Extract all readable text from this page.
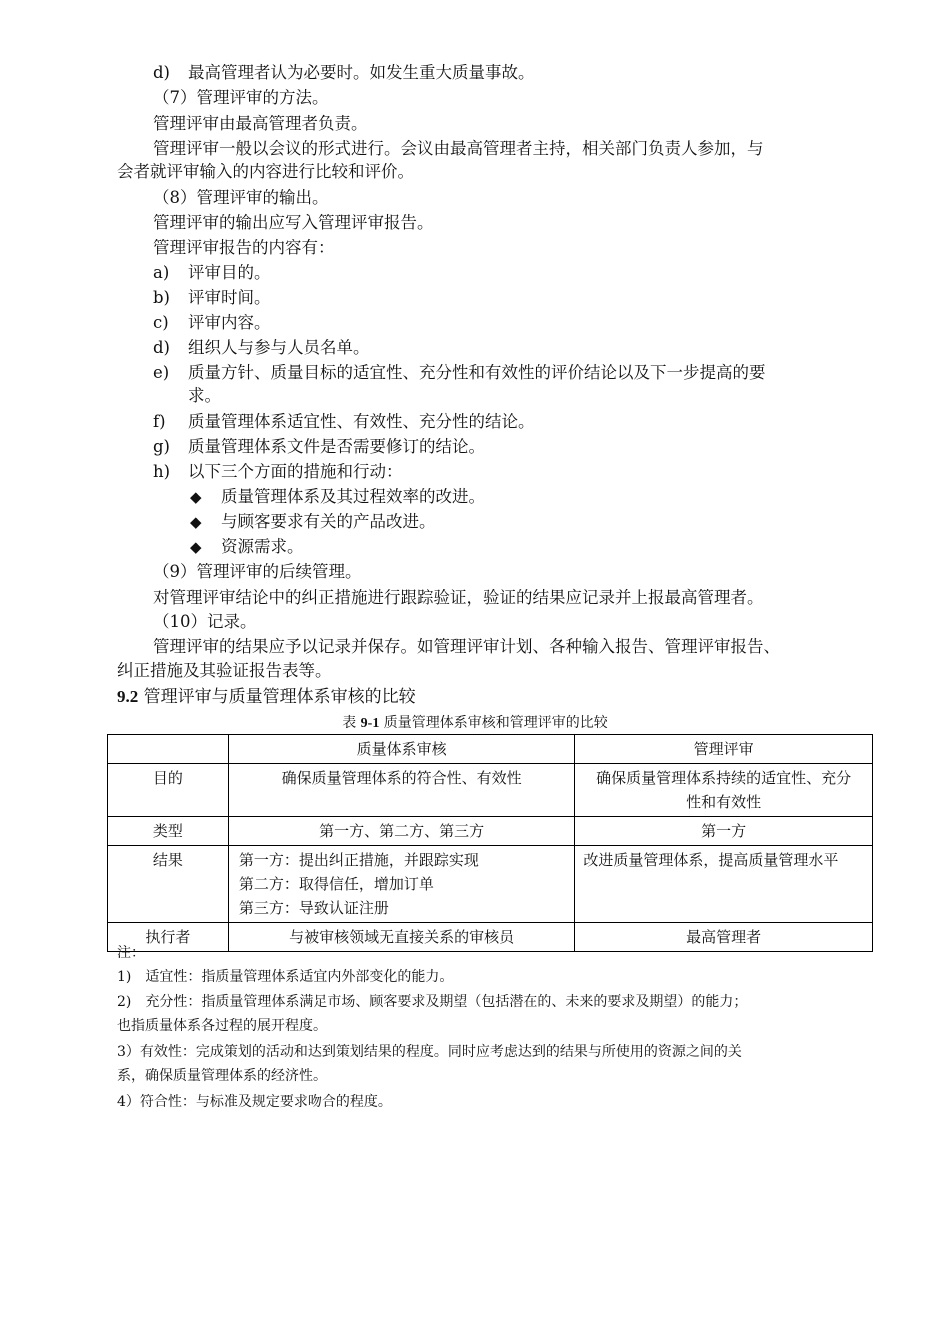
d) 最高管理者认为必要时。如发生重大质量事故。
（7）管理评审的方法。
管理评审由最高管理者负责。
管理评审一般以会议的形式进行。会议由最高管理者主持，相关部门负责人参加，与
会者就评审输入的内容进行比较和评价。
（8）管理评审的输出。
管理评审的输出应写入管理评审报告。
管理评审报告的内容有：
a) 评审目的。
b) 评审时间。
c) 评审内容。
d) 组织人与参与人员名单。
e) 质量方针、质量目标的适宜性、充分性和有效性的评价结论以及下一步提高的要
求。
f) 质量管理体系适宜性、有效性、充分性的结论。
g) 质量管理体系文件是否需要修订的结论。
h) 以下三个方面的措施和行动：
◆ 质量管理体系及其过程效率的改进。
◆ 与顾客要求有关的产品改进。
◆ 资源需求。
（9）管理评审的后续管理。
对管理评审结论中的纠正措施进行跟踪验证，验证的结果应记录并上报最高管理者。
（10）记录。
管理评审的结果应予以记录并保存。如管理评审计划、各种输入报告、管理评审报告、
纠正措施及其验证报告表等。
9.2 管理评审与质量管理体系审核的比较
表 9-1 质量管理体系审核和管理评审的比较
	质量体系审核	管理评审
目的	确保质量管理体系的符合性、有效性	确保质量管理体系持续的适宜性、充分
性和有效性

类型	第一方、第二方、第三方	第一方
结果	第一方：提出纠正措施，并跟踪实现
第二方：取得信任，增加订单
第三方：导致认证注册	改进质量管理体系，提高质量管理水平
执行者	与被审核领域无直接关系的审核员	最高管理者
注：
1)　适宜性：指质量管理体系适宜内外部变化的能力。
2)　充分性：指质量管理体系满足市场、顾客要求及期望（包括潜在的、未来的要求及期望）的能力；
也指质量体系各过程的展开程度。
3）有效性：完成策划的活动和达到策划结果的程度。同时应考虑达到的结果与所使用的资源之间的关
系，确保质量管理体系的经济性。
4）符合性：与标准及规定要求吻合的程度。
